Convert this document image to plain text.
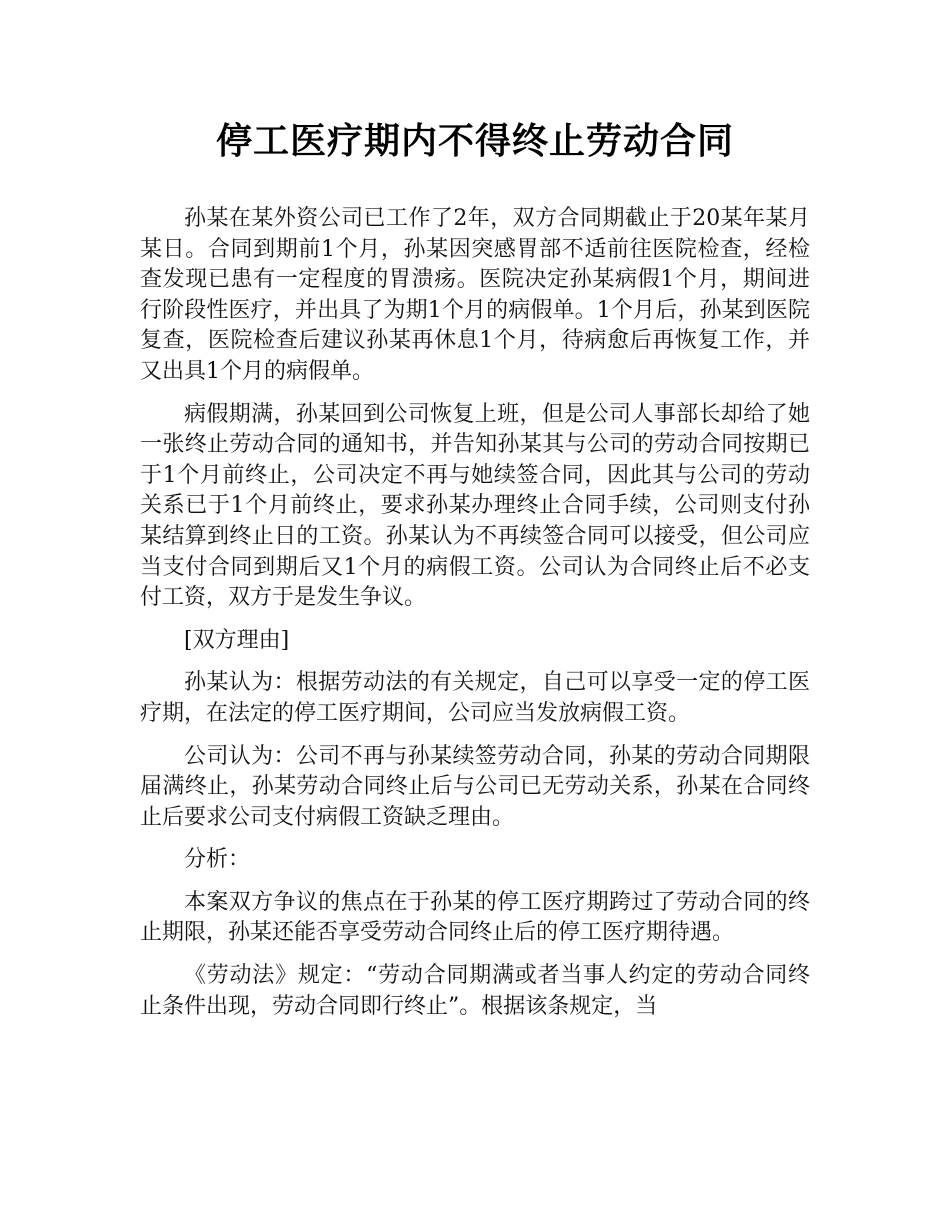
停工医疗期内不得终止劳动合同

孙某在某外资公司已工作了2年，双方合同期截止于20某年某月某日。合同到期前1个月，孙某因突感胃部不适前往医院检查，经检查发现已患有一定程度的胃溃疡。医院决定孙某病假1个月，期间进行阶段性医疗，并出具了为期1个月的病假单。1个月后，孙某到医院复查，医院检查后建议孙某再休息1个月，待病愈后再恢复工作，并又出具1个月的病假单。

病假期满，孙某回到公司恢复上班，但是公司人事部长却给了她一张终止劳动合同的通知书，并告知孙某其与公司的劳动合同按期已于1个月前终止，公司决定不再与她续签合同，因此其与公司的劳动关系已于1个月前终止，要求孙某办理终止合同手续，公司则支付孙某结算到终止日的工资。孙某认为不再续签合同可以接受，但公司应当支付合同到期后又1个月的病假工资。公司认为合同终止后不必支付工资，双方于是发生争议。

[双方理由]

孙某认为：根据劳动法的有关规定，自己可以享受一定的停工医疗期，在法定的停工医疗期间，公司应当发放病假工资。

公司认为：公司不再与孙某续签劳动合同，孙某的劳动合同期限届满终止，孙某劳动合同终止后与公司已无劳动关系，孙某在合同终止后要求公司支付病假工资缺乏理由。

分析：

本案双方争议的焦点在于孙某的停工医疗期跨过了劳动合同的终止期限，孙某还能否享受劳动合同终止后的停工医疗期待遇。

《劳动法》规定：“劳动合同期满或者当事人约定的劳动合同终止条件出现，劳动合同即行终止”。根据该条规定，当
